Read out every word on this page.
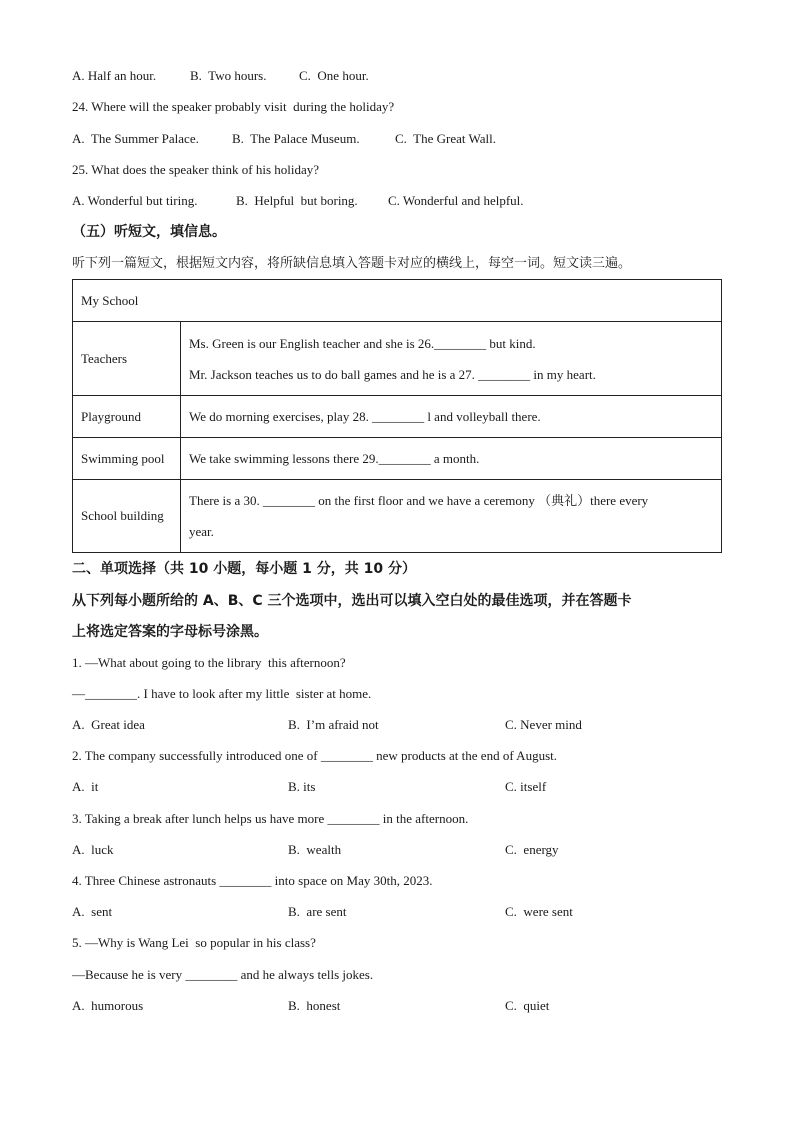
A. Half an hour.	B.  Two hours.	C.  One hour.
24. Where will the speaker probably visit  during the holiday?
A.  The Summer Palace.	B.  The Palace Museum.	C.  The Great Wall.
25. What does the speaker think of his holiday?
A. Wonderful but tiring.	B.  Helpful  but boring. C. Wonderful and helpful.
（五）听短文，填信息。
听下列一篇短文，根据短文内容，将所缺信息填入答题卡对应的横线上，每空一词。短文读三遍。
My School	
Teachers	Ms. Green is our English teacher and she is 26.________ but kind.
Mr. Jackson teaches us to do ball games and he is a 27. ________ in my heart.

Playground	We do morning exercises, play 28. ________ l and volleyball there.

Swimming pool	We take swimming lessons there 29.________ a month.

School building	There is a 30. ________ on the first floor and we have a ceremony （典礼）there every
year.
二、单项选择（共 10 小题，每小题 1 分，共 10 分）
从下列每小题所给的 A、B、C 三个选项中，选出可以填入空白处的最佳选项，并在答题卡
上将选定答案的字母标号涂黑。
1. —What about going to the library  this afternoon?
—________. I have to look after my little  sister at home.
A.  Great idea	B.  I’m afraid not	C. Never mind
2. The company successfully introduced one of ________ new products at the end of August.
A.  it	B. its	C. itself
3. Taking a break after lunch helps us have more ________ in the afternoon.
A.  luck	B.  wealth	C.  energy
4. Three Chinese astronauts ________ into space on May 30th, 2023.
A.  sent	B.  are sent	C.  were sent
5. —Why is Wang Lei  so popular in his class?
—Because he is very ________ and he always tells jokes.
A.  humorous	B.  honest	C.  quiet
